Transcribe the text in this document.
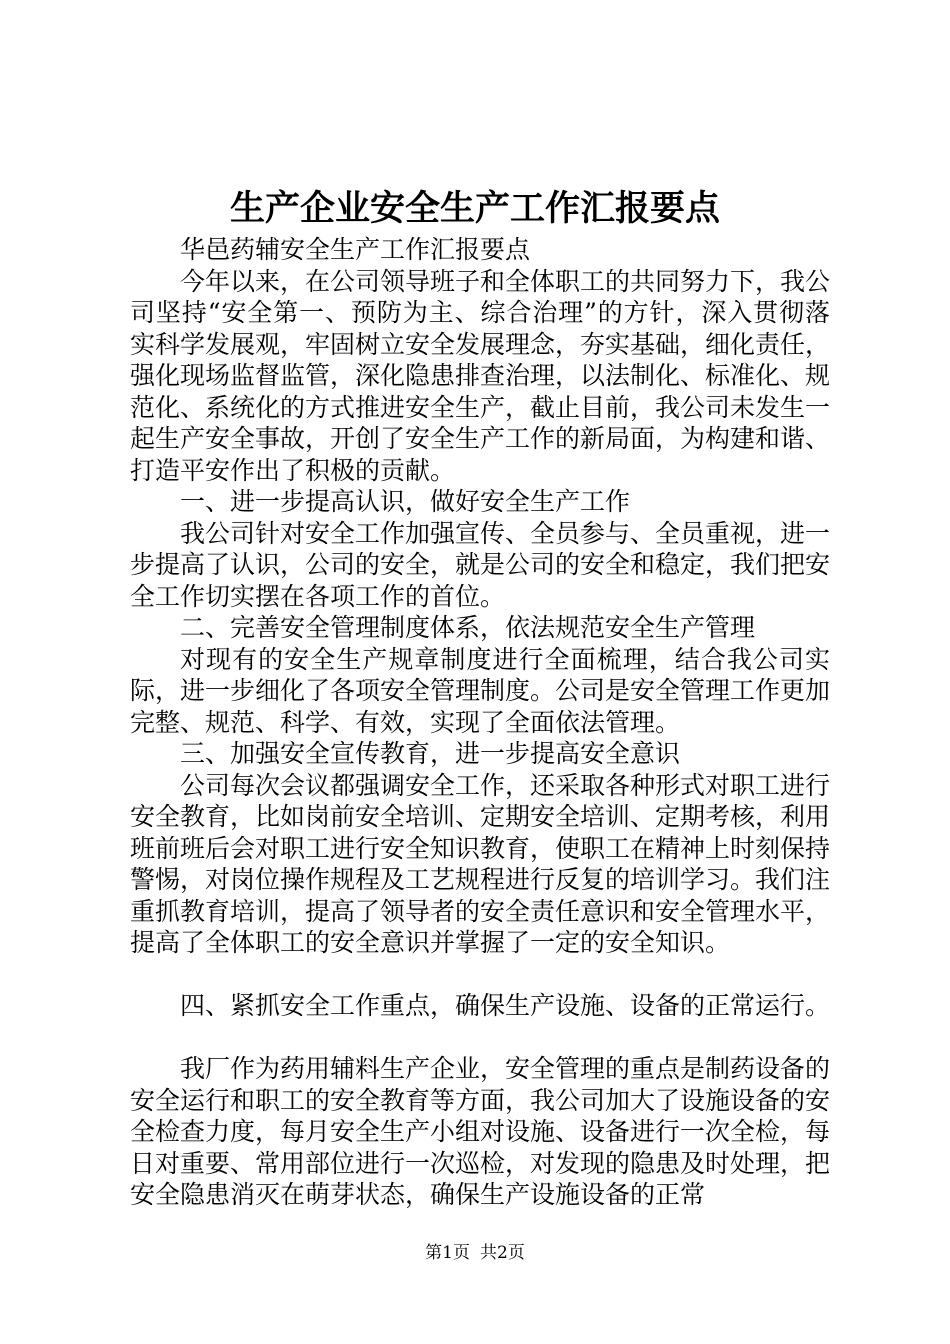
生产企业安全生产工作汇报要点

华邑药辅安全生产工作汇报要点

今年以来，在公司领导班子和全体职工的共同努力下，我公司坚持“安全第一、预防为主、综合治理”的方针，深入贯彻落实科学发展观，牢固树立安全发展理念，夯实基础，细化责任，强化现场监督监管，深化隐患排查治理，以法制化、标准化、规范化、系统化的方式推进安全生产，截止目前，我公司未发生一起生产安全事故，开创了安全生产工作的新局面，为构建和谐、打造平安作出了积极的贡献。

一、进一步提高认识，做好安全生产工作

我公司针对安全工作加强宣传、全员参与、全员重视，进一步提高了认识，公司的安全，就是公司的安全和稳定，我们把安全工作切实摆在各项工作的首位。

二、完善安全管理制度体系，依法规范安全生产管理

对现有的安全生产规章制度进行全面梳理，结合我公司实际，进一步细化了各项安全管理制度。公司是安全管理工作更加完整、规范、科学、有效，实现了全面依法管理。

三、加强安全宣传教育，进一步提高安全意识

公司每次会议都强调安全工作，还采取各种形式对职工进行安全教育，比如岗前安全培训、定期安全培训、定期考核，利用班前班后会对职工进行安全知识教育，使职工在精神上时刻保持警惕，对岗位操作规程及工艺规程进行反复的培训学习。我们注重抓教育培训，提高了领导者的安全责任意识和安全管理水平，提高了全体职工的安全意识并掌握了一定的安全知识。

四、紧抓安全工作重点，确保生产设施、设备的正常运行。

我厂作为药用辅料生产企业，安全管理的重点是制药设备的安全运行和职工的安全教育等方面，我公司加大了设施设备的安全检查力度，每月安全生产小组对设施、设备进行一次全检，每日对重要、常用部位进行一次巡检，对发现的隐患及时处理，把安全隐患消灭在萌芽状态，确保生产设施设备的正常

第1页 共2页
